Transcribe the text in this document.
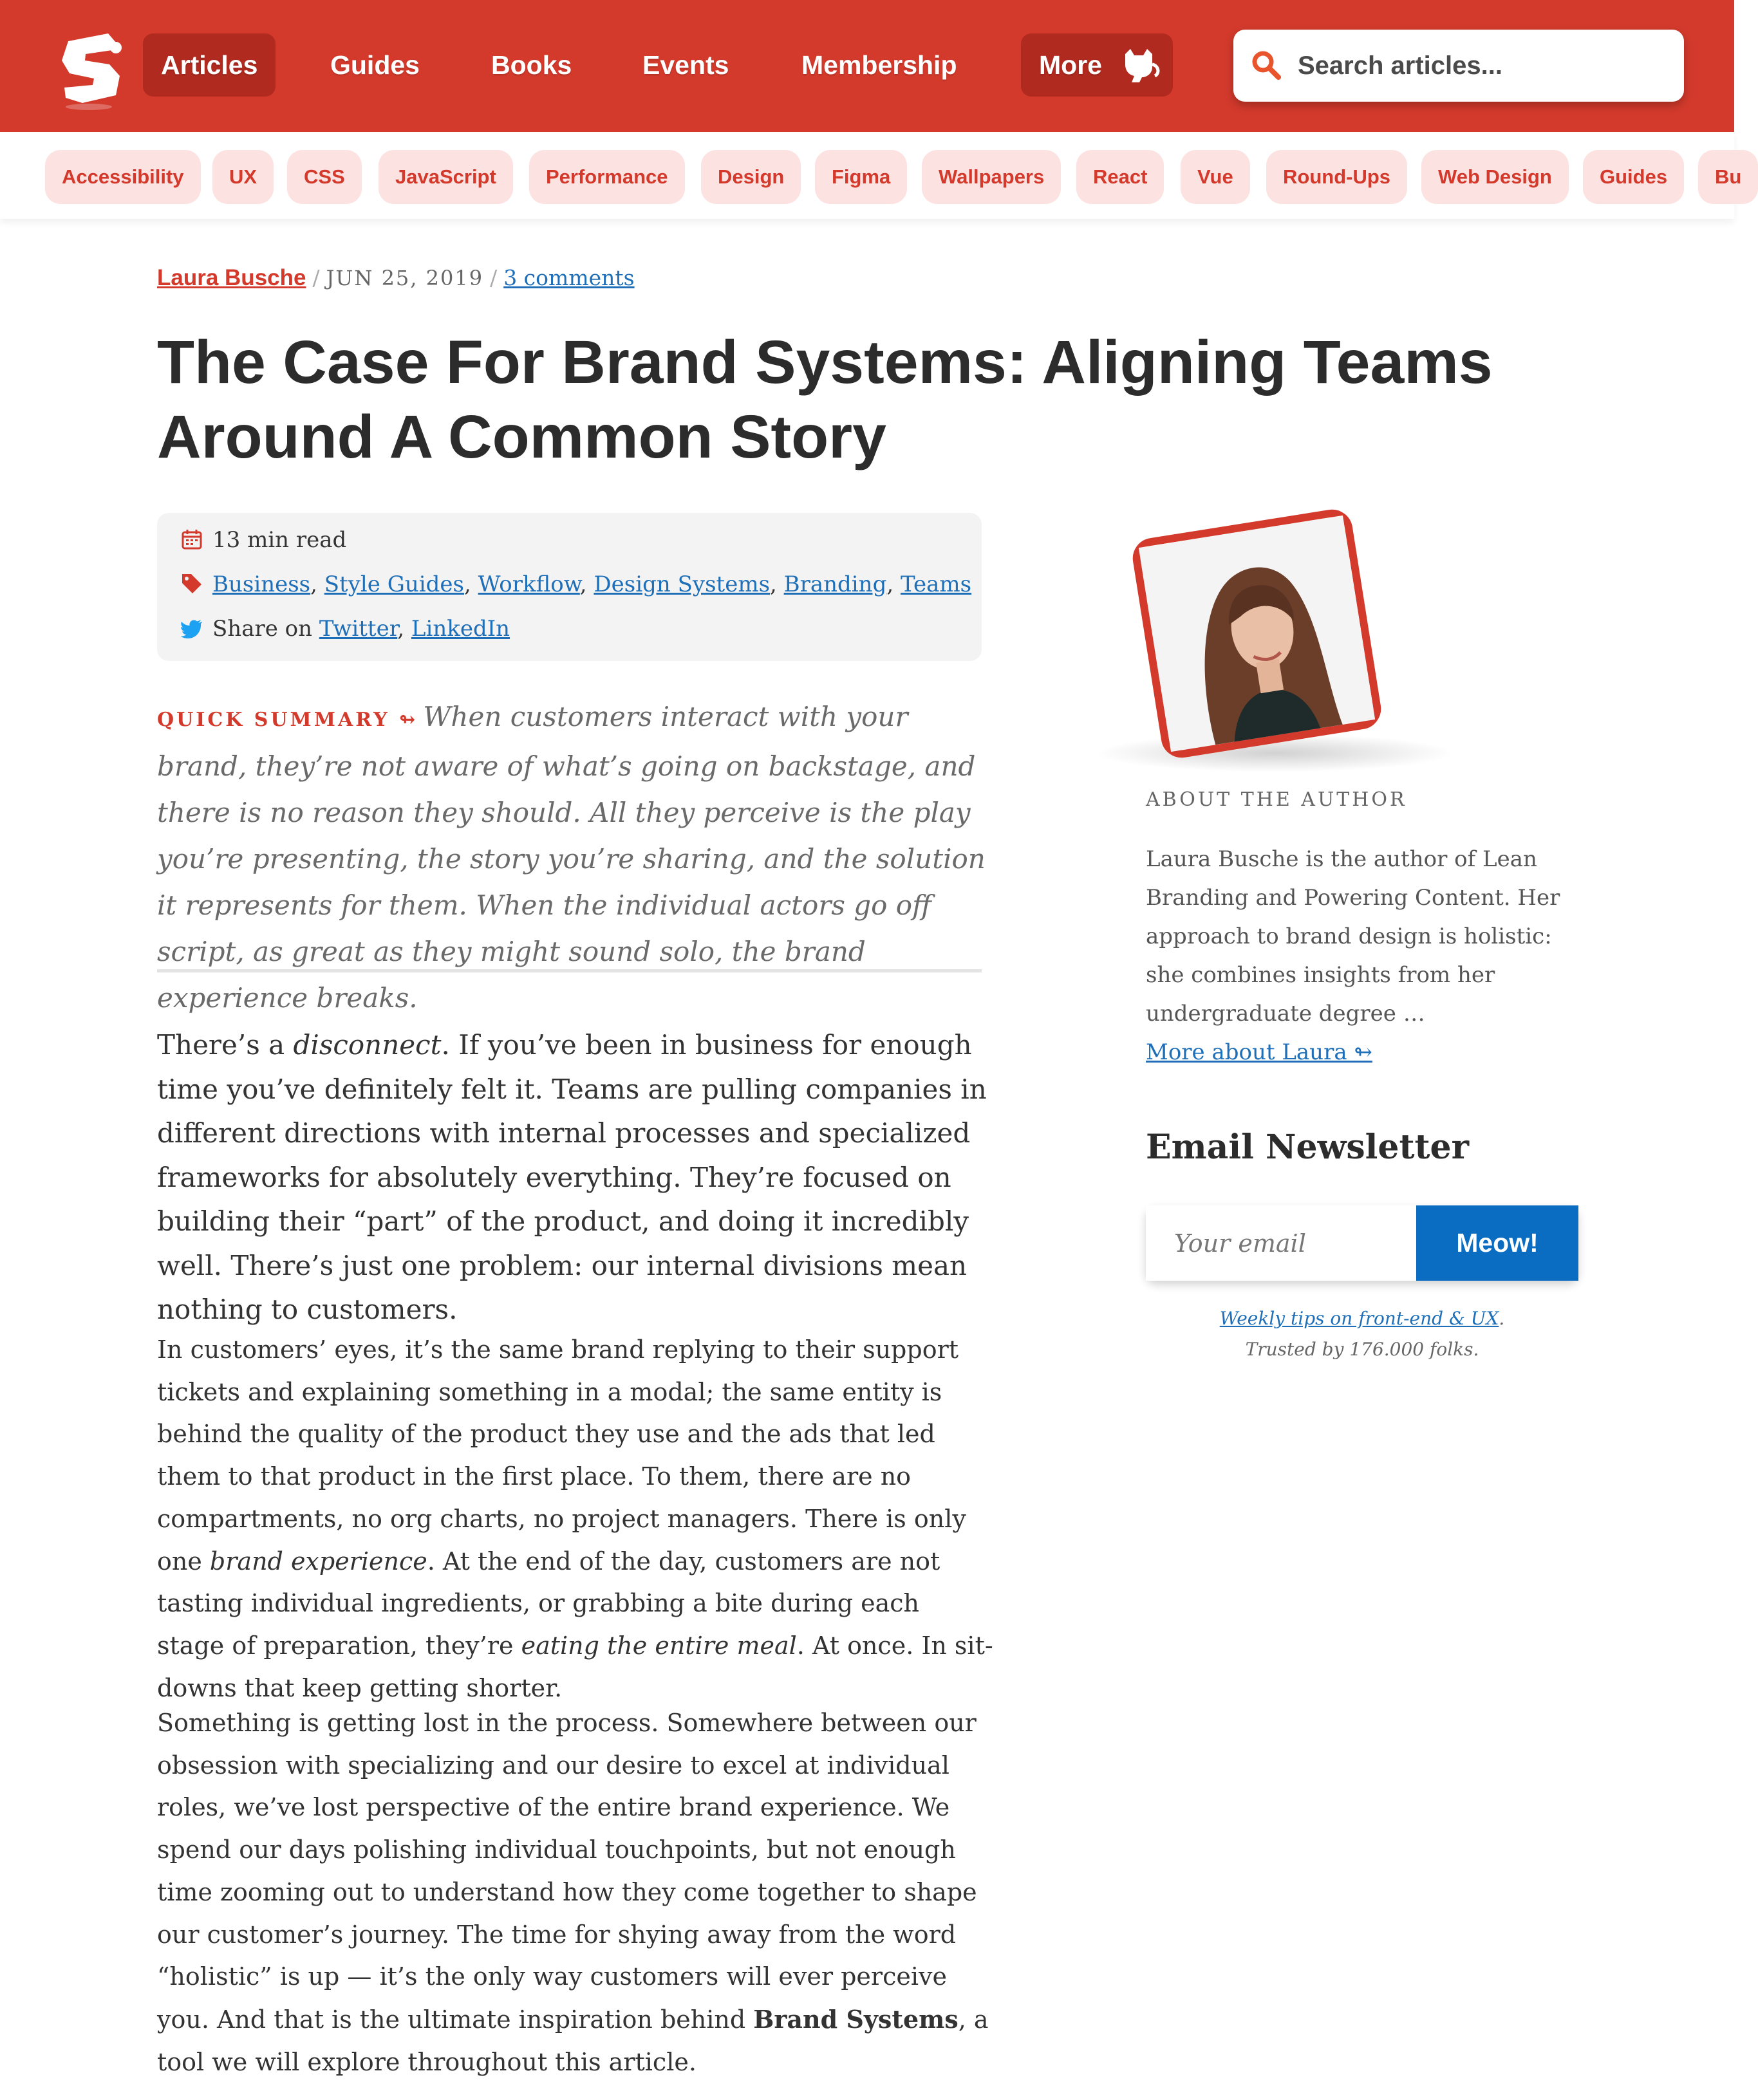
Articles	Guides	Books	Events	Membership	More
Search articles...
Accessibility	UX	CSS	JavaScript	Performance	Design	Figma	Wallpapers	React	Vue	Round-Ups	Web Design	Guides	Bu
Laura Busche / JUN 25, 2019 / 3 comments
The Case For Brand Systems: Aligning Teams Around A Common Story
13 min read
Business, Style Guides, Workflow, Design Systems, Branding, Teams
Share on Twitter, LinkedIn

QUICK SUMMARY ↬ When customers interact with your brand, they’re not aware of what’s going on backstage, and there is no reason they should. All they perceive is the play you’re presenting, the story you’re sharing, and the solution it represents for them. When the individual actors go off script, as great as they might sound solo, the brand experience breaks.

There’s a disconnect. If you’ve been in business for enough time you’ve definitely felt it. Teams are pulling companies in different directions with internal processes and specialized frameworks for absolutely everything. They’re focused on building their “part” of the product, and doing it incredibly well. There’s just one problem: our internal divisions mean nothing to customers.

In customers’ eyes, it’s the same brand replying to their support tickets and explaining something in a modal; the same entity is behind the quality of the product they use and the ads that led them to that product in the first place. To them, there are no compartments, no org charts, no project managers. There is only one brand experience. At the end of the day, customers are not tasting individual ingredients, or grabbing a bite during each stage of preparation, they’re eating the entire meal. At once. In sit-downs that keep getting shorter.

Something is getting lost in the process. Somewhere between our obsession with specializing and our desire to excel at individual roles, we’ve lost perspective of the entire brand experience. We spend our days polishing individual touchpoints, but not enough time zooming out to understand how they come together to shape our customer’s journey. The time for shying away from the word “holistic” is up — it’s the only way customers will ever perceive you. And that is the ultimate inspiration behind Brand Systems, a tool we will explore throughout this article.

ABOUT THE AUTHOR
Laura Busche is the author of Lean Branding and Powering Content. Her approach to brand design is holistic: she combines insights from her undergraduate degree …
More about Laura ↬
Email Newsletter
Your email
Meow!
Weekly tips on front-end & UX.
Trusted by 176.000 folks.
